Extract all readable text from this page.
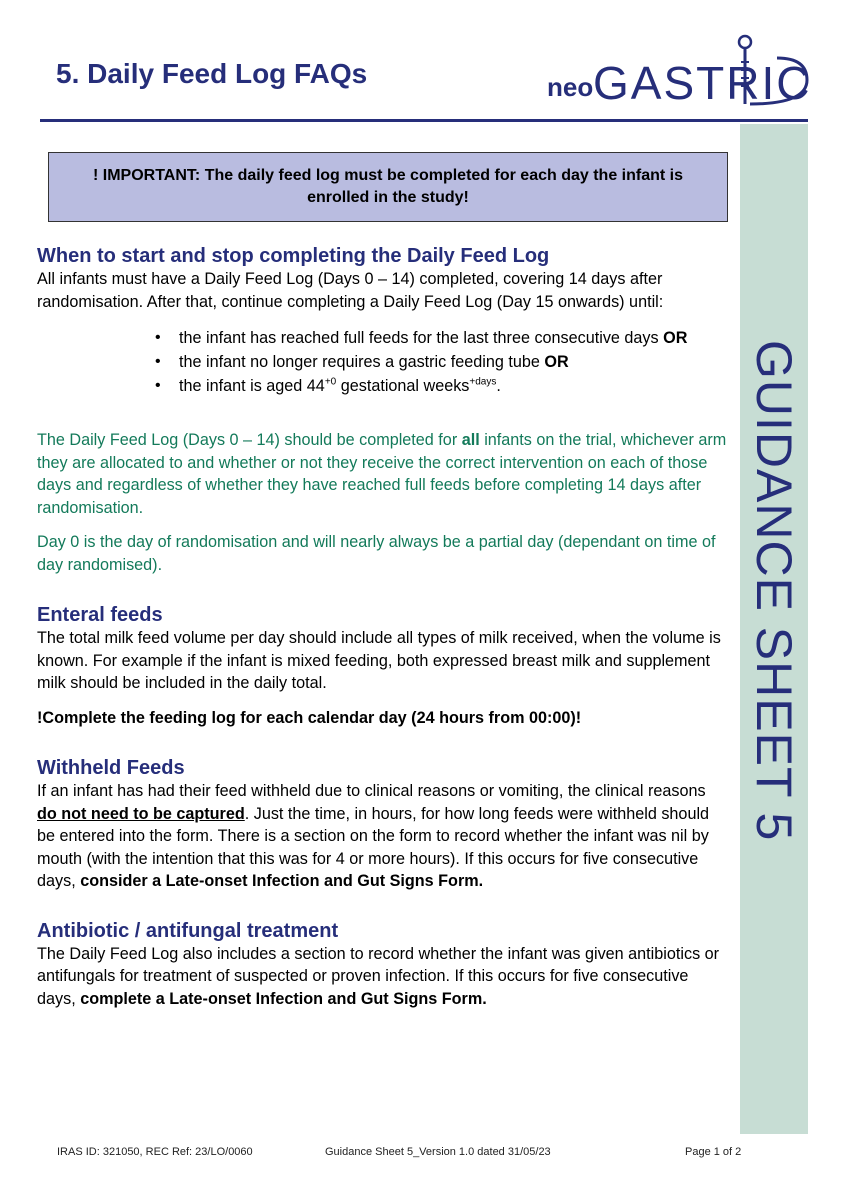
5. Daily Feed Log FAQs	neo GASTRIC
GUIDANCE SHEET 5
! IMPORTANT: The daily feed log must be completed for each day the infant is enrolled in the study!
When to start and stop completing the Daily Feed Log

All infants must have a Daily Feed Log (Days 0 – 14) completed, covering 14 days after randomisation. After that, continue completing a Daily Feed Log (Day 15 onwards) until:

• the infant has reached full feeds for the last three consecutive days OR
• the infant no longer requires a gastric feeding tube OR
• the infant is aged $44^{+0}$ gestational weeks$^{+days}$.

The Daily Feed Log (Days 0 – 14) should be completed for all infants on the trial, whichever arm they are allocated to and whether or not they receive the correct intervention on each of those days and regardless of whether they have reached full feeds before completing 14 days after randomisation.

Day 0 is the day of randomisation and will nearly always be a partial day (dependant on time of day randomised).

Enteral feeds

The total milk feed volume per day should include all types of milk received, when the volume is known. For example if the infant is mixed feeding, both expressed breast milk and supplement milk should be included in the daily total.

!Complete the feeding log for each calendar day (24 hours from 00:00)!

Withheld Feeds

If an infant has had their feed withheld due to clinical reasons or vomiting, the clinical reasons do not need to be captured. Just the time, in hours, for how long feeds were withheld should be entered into the form. There is a section on the form to record whether the infant was nil by mouth (with the intention that this was for 4 or more hours). If this occurs for five consecutive days, consider a Late-onset Infection and Gut Signs Form.

Antibiotic / antifungal treatment

The Daily Feed Log also includes a section to record whether the infant was given antibiotics or antifungals for treatment of suspected or proven infection. If this occurs for five consecutive days, complete a Late-onset Infection and Gut Signs Form.

IRAS ID: 321050, REC Ref: 23/LO/0060	Guidance Sheet 5_Version 1.0 dated 31/05/23	Page 1 of 2
